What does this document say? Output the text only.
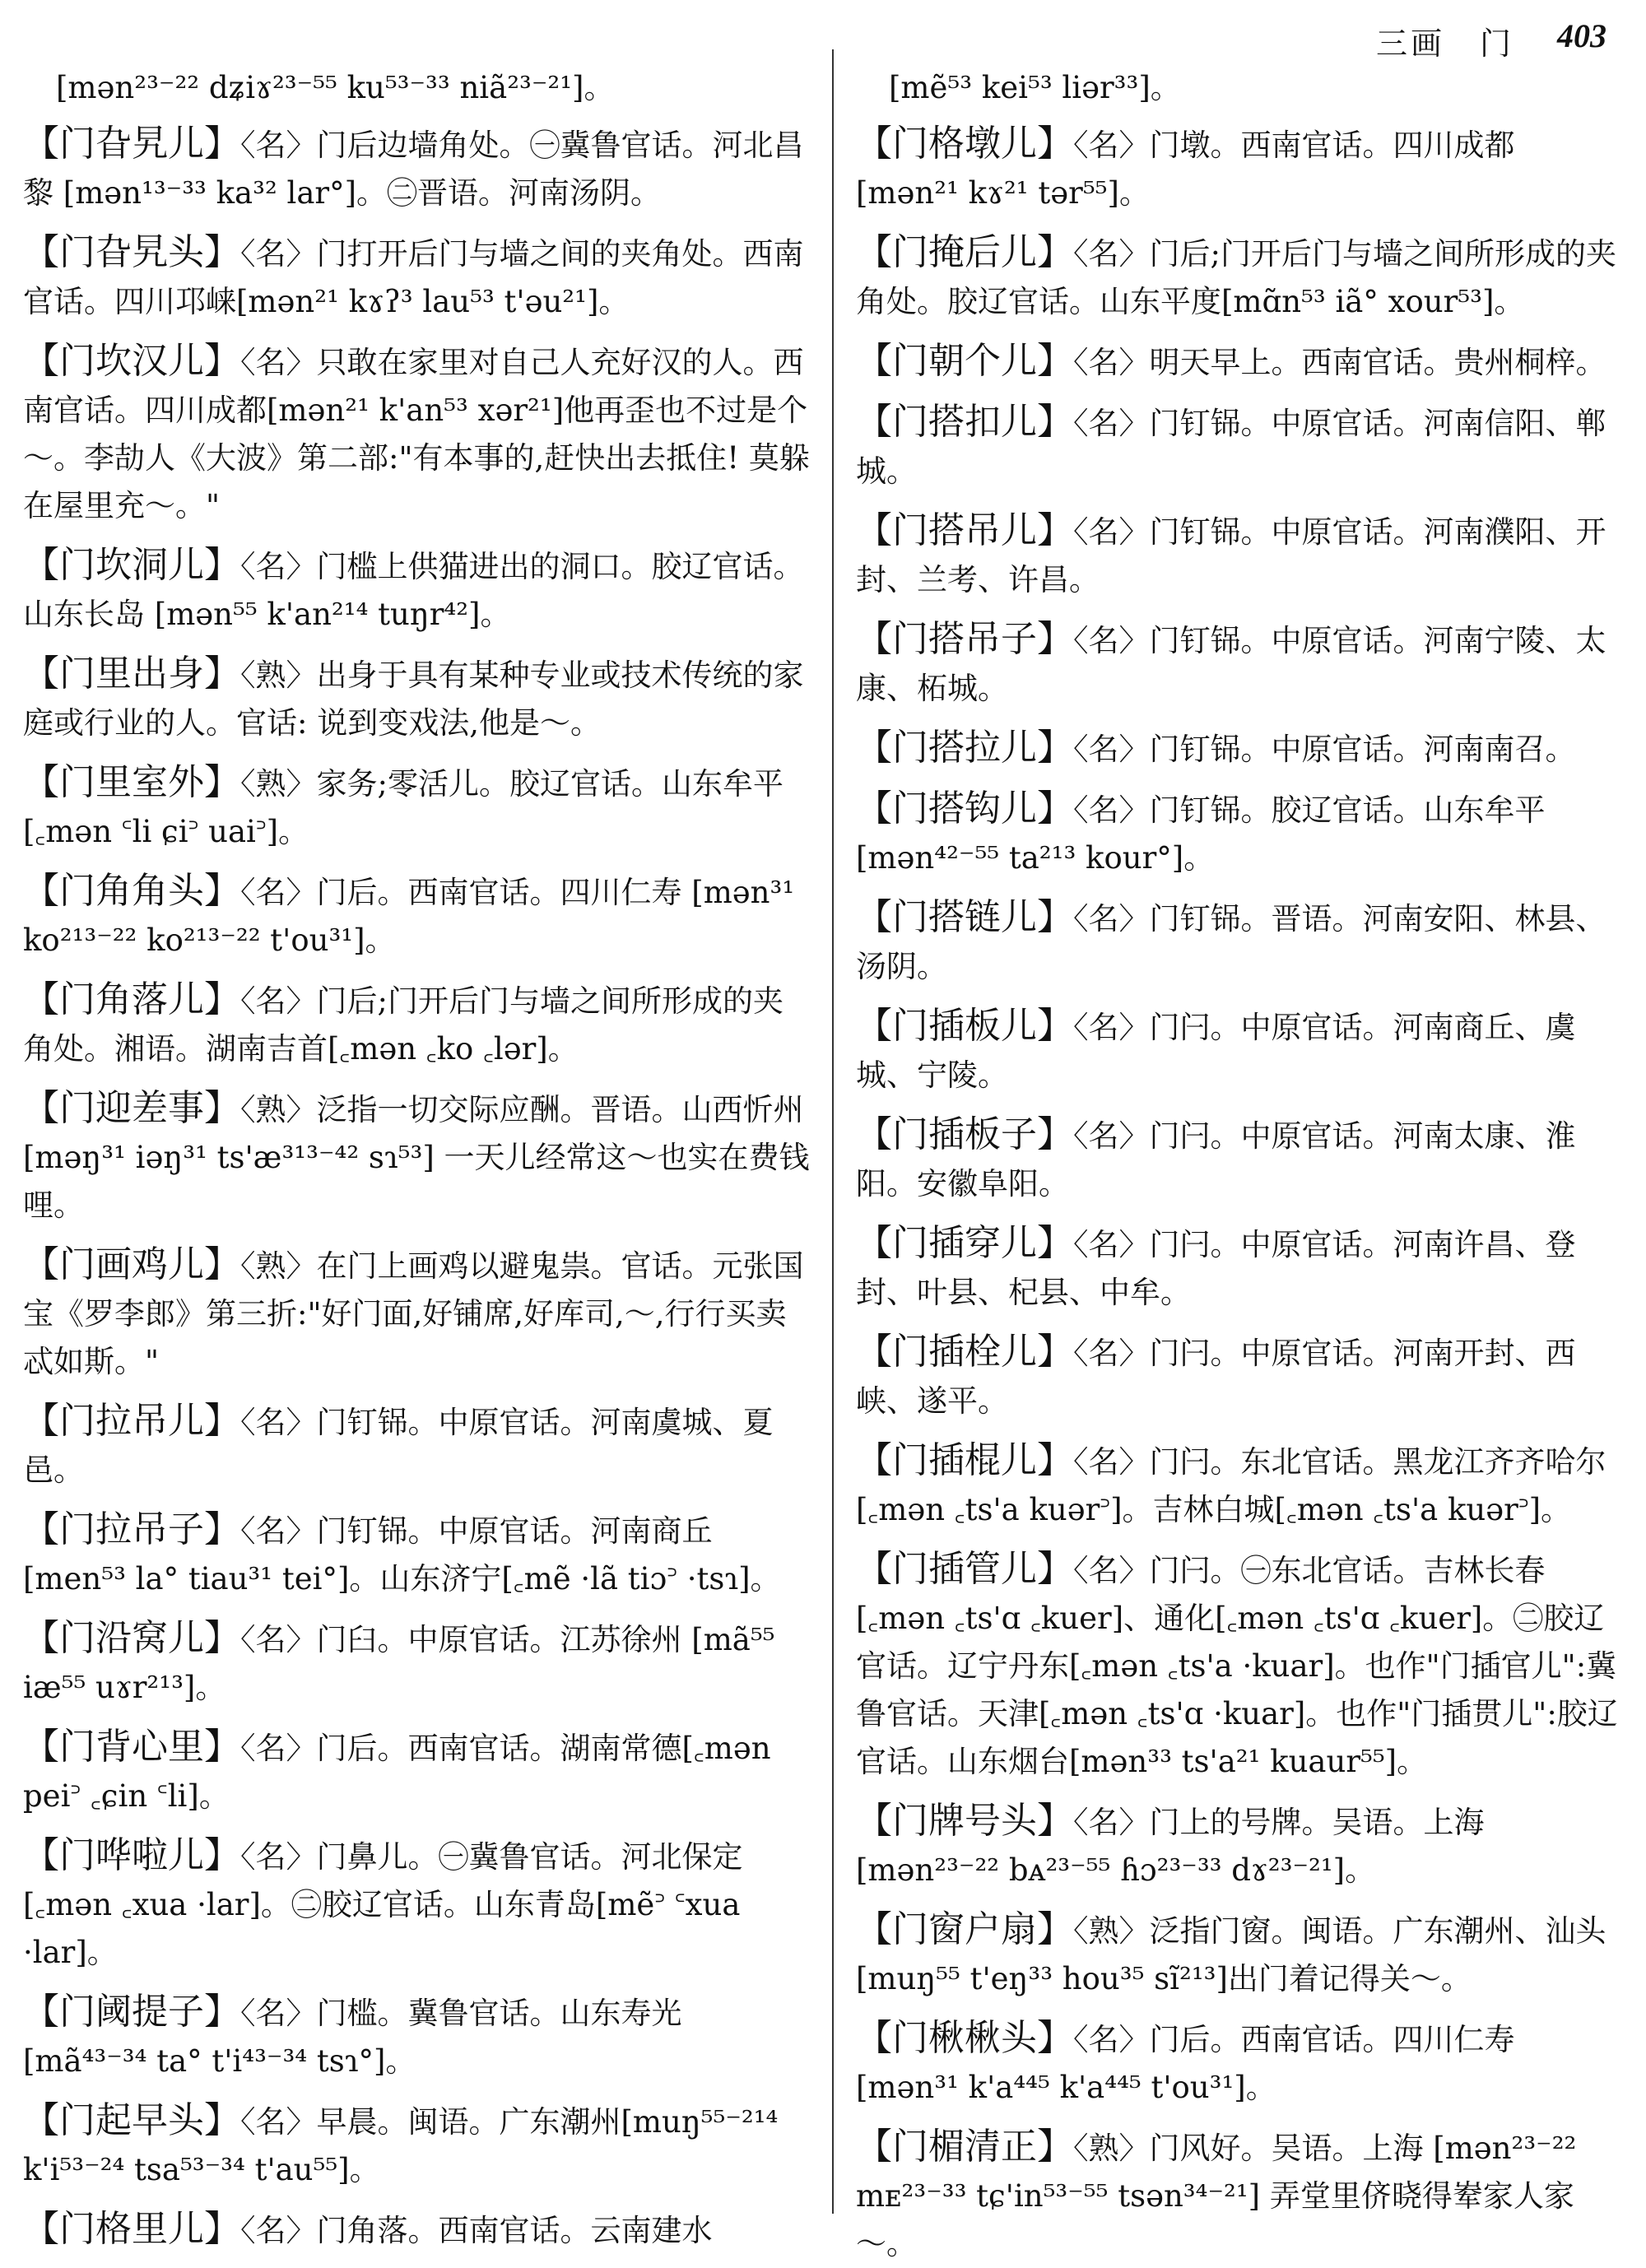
三画　门 403
[mən²³⁻²² dʑiɤ²³⁻⁵⁵ ku⁵³⁻³³ niã²³⁻²¹]。
【门旮旯儿】〈名〉门后边墙角处。㊀冀鲁官话。河北昌黎 [mən¹³⁻³³ ka³² lar°]。㊁晋语。河南汤阴。
【门旮旯头】〈名〉门打开后门与墙之间的夹角处。西南官话。四川邛崃[mən²¹ kɤʔ³ lau⁵³ t'əu²¹]。
【门坎汉儿】〈名〉只敢在家里对自己人充好汉的人。西南官话。四川成都[mən²¹ k'an⁵³ xər²¹]他再歪也不过是个～。李劼人《大波》第二部:"有本事的,赶快出去抵住! 莫躲在屋里充～。"
【门坎洞儿】〈名〉门槛上供猫进出的洞口。胶辽官话。山东长岛 [mən⁵⁵ k'an²¹⁴ tuŋr⁴²]。
【门里出身】〈熟〉出身于具有某种专业或技术传统的家庭或行业的人。官话: 说到变戏法,他是～。
【门里室外】〈熟〉家务;零活儿。胶辽官话。山东牟平[꜀mən ꜂li ɕi꜄ uai꜄]。
【门角角头】〈名〉门后。西南官话。四川仁寿 [mən³¹ ko²¹³⁻²² ko²¹³⁻²² t'ou³¹]。
【门角落儿】〈名〉门后;门开后门与墙之间所形成的夹角处。湘语。湖南吉首[꜀mən ꜀ko ꜀lər]。
【门迎差事】〈熟〉泛指一切交际应酬。晋语。山西忻州 [məŋ³¹ iəŋ³¹ ts'æ³¹³⁻⁴² sɿ⁵³] 一天儿经常这～也实在费钱哩。
【门画鸡儿】〈熟〉在门上画鸡以避鬼祟。官话。元张国宝《罗李郎》第三折:"好门面,好铺席,好库司,～,行行买卖忒如斯。"
【门拉吊儿】〈名〉门钉铞。中原官话。河南虞城、夏邑。
【门拉吊子】〈名〉门钉铞。中原官话。河南商丘 [men⁵³ la° tiau³¹ tei°]。山东济宁[꜀mẽ ·lã tiɔ꜄ ·tsɿ]。
【门沿窝儿】〈名〉门臼。中原官话。江苏徐州 [mã⁵⁵ iæ⁵⁵ uɤr²¹³]。
【门背心里】〈名〉门后。西南官话。湖南常德[꜀mən pei꜄ ꜀ɕin ꜂li]。
【门哗啦儿】〈名〉门鼻儿。㊀冀鲁官话。河北保定 [꜀mən ꜀xua ·lar]。㊁胶辽官话。山东青岛[mẽ꜄ ꜂xua ·lar]。
【门阈提子】〈名〉门槛。冀鲁官话。山东寿光 [mã⁴³⁻³⁴ ta° t'i⁴³⁻³⁴ tsɿ°]。
【门起早头】〈名〉早晨。闽语。广东潮州[muŋ⁵⁵⁻²¹⁴ k'i⁵³⁻²⁴ tsa⁵³⁻³⁴ t'au⁵⁵]。
【门格里儿】〈名〉门角落。西南官话。云南建水
[mẽ⁵³ kei⁵³ liər³³]。
【门格墩儿】〈名〉门墩。西南官话。四川成都 [mən²¹ kɤ²¹ tər⁵⁵]。
【门掩后儿】〈名〉门后;门开后门与墙之间所形成的夹角处。胶辽官话。山东平度[mɑ̃n⁵³ iã° xour⁵³]。
【门朝个儿】〈名〉明天早上。西南官话。贵州桐梓。
【门搭扣儿】〈名〉门钉铞。中原官话。河南信阳、郸城。
【门搭吊儿】〈名〉门钉铞。中原官话。河南濮阳、开封、兰考、许昌。
【门搭吊子】〈名〉门钉铞。中原官话。河南宁陵、太康、柘城。
【门搭拉儿】〈名〉门钉铞。中原官话。河南南召。
【门搭钩儿】〈名〉门钉铞。胶辽官话。山东牟平 [mən⁴²⁻⁵⁵ ta²¹³ kour°]。
【门搭链儿】〈名〉门钉铞。晋语。河南安阳、林县、汤阴。
【门插板儿】〈名〉门闩。中原官话。河南商丘、虞城、宁陵。
【门插板子】〈名〉门闩。中原官话。河南太康、淮阳。安徽阜阳。
【门插穿儿】〈名〉门闩。中原官话。河南许昌、登封、叶县、杞县、中牟。
【门插栓儿】〈名〉门闩。中原官话。河南开封、西峡、遂平。
【门插棍儿】〈名〉门闩。东北官话。黑龙江齐齐哈尔[꜀mən ꜀ts'a kuər꜄]。吉林白城[꜀mən ꜀ts'a kuər꜄]。
【门插管儿】〈名〉门闩。㊀东北官话。吉林长春[꜀mən ꜀ts'ɑ ꜀kuer]、通化[꜀mən ꜀ts'ɑ ꜀kuer]。㊁胶辽官话。辽宁丹东[꜀mən ꜀ts'a ·kuar]。也作"门插官儿":冀鲁官话。天津[꜀mən ꜀ts'ɑ ·kuar]。也作"门插贯儿":胶辽官话。山东烟台[mən³³ ts'a²¹ kuaur⁵⁵]。
【门牌号头】〈名〉门上的号牌。吴语。上海[mən²³⁻²² bᴀ²³⁻⁵⁵ ɦɔ²³⁻³³ dɤ²³⁻²¹]。
【门窗户扇】〈熟〉泛指门窗。闽语。广东潮州、汕头 [muŋ⁵⁵ t'eŋ³³ hou³⁵ sĩ²¹³]出门着记得关～。
【门楸楸头】〈名〉门后。西南官话。四川仁寿 [mən³¹ k'a⁴⁴⁵ k'a⁴⁴⁵ t'ou³¹]。
【门楣清正】〈熟〉门风好。吴语。上海 [mən²³⁻²² mᴇ²³⁻³³ tɕ'in⁵³⁻⁵⁵ tsən³⁴⁻²¹] 弄堂里侪晓得𪨶家人家～。
